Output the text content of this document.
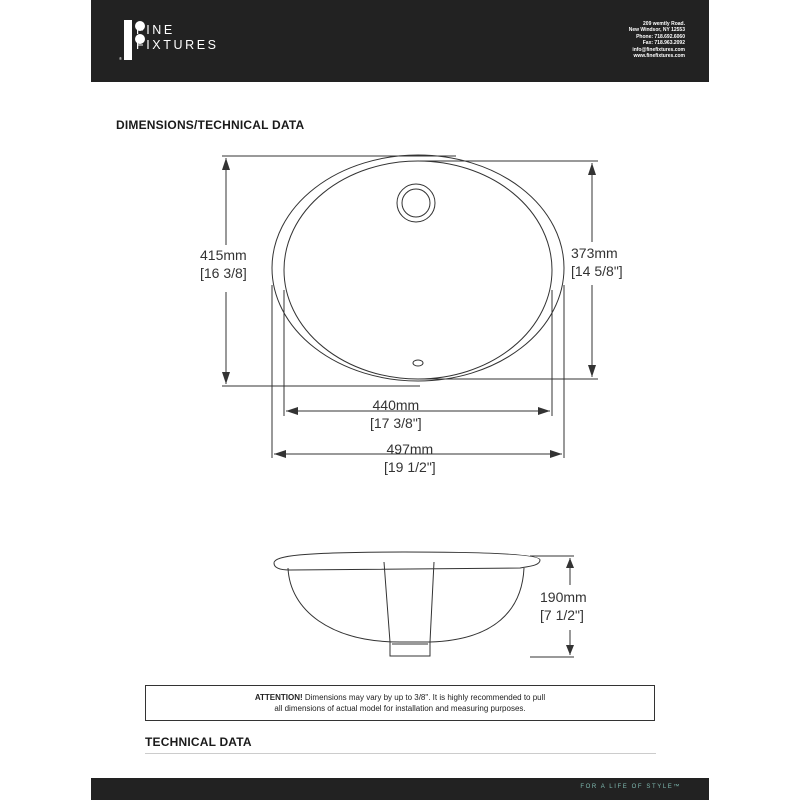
FINE
FIXTURES
®
209 wemtly Road.
New Windsor, NY 12553
Phone: 718.692.6060
Fax: 718.963.2092
info@finefixtures.com
www.finefixtures.com
DIMENSIONS/TECHNICAL DATA
415mm
[16 3/8]
373mm
[14 5/8"]
440mm
[17 3/8"]
497mm
[19 1/2"]
190mm
[7 1/2"]
ATTENTION! Dimensions may vary by up to 3/8". It is highly recommended to pull
all dimensions of actual model for installation and measuring purposes.
TECHNICAL DATA
FOR A LIFE OF STYLE™
